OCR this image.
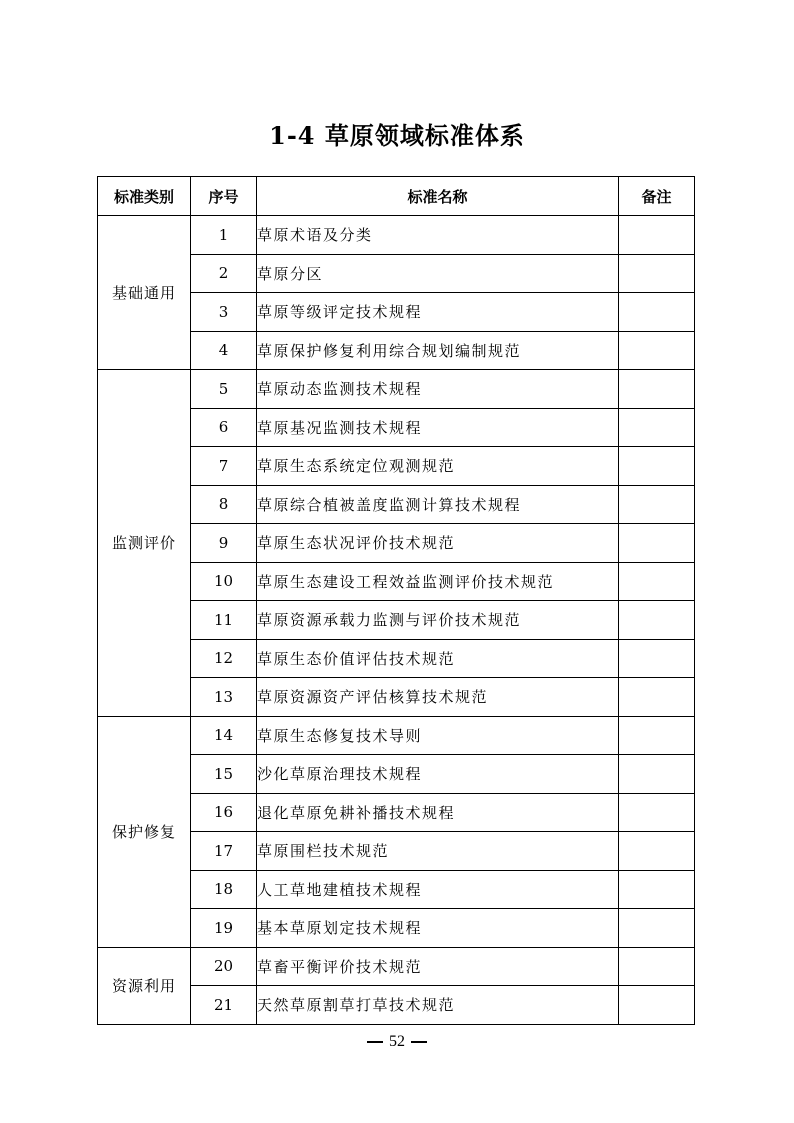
1-4 草原领域标准体系
标准类别	序号	标准名称	备注
基础通用	1	草原术语及分类	
	2	草原分区	
	3	草原等级评定技术规程	
	4	草原保护修复利用综合规划编制规范	
监测评价	5	草原动态监测技术规程	
	6	草原基况监测技术规程	
	7	草原生态系统定位观测规范	
	8	草原综合植被盖度监测计算技术规程	
	9	草原生态状况评价技术规范	
	10	草原生态建设工程效益监测评价技术规范	
	11	草原资源承载力监测与评价技术规范	
	12	草原生态价值评估技术规范	
	13	草原资源资产评估核算技术规范	
保护修复	14	草原生态修复技术导则	
	15	沙化草原治理技术规程	
	16	退化草原免耕补播技术规程	
	17	草原围栏技术规范	
	18	人工草地建植技术规程	
	19	基本草原划定技术规程	
资源利用	20	草畜平衡评价技术规范	
	21	天然草原割草打草技术规范	
52
